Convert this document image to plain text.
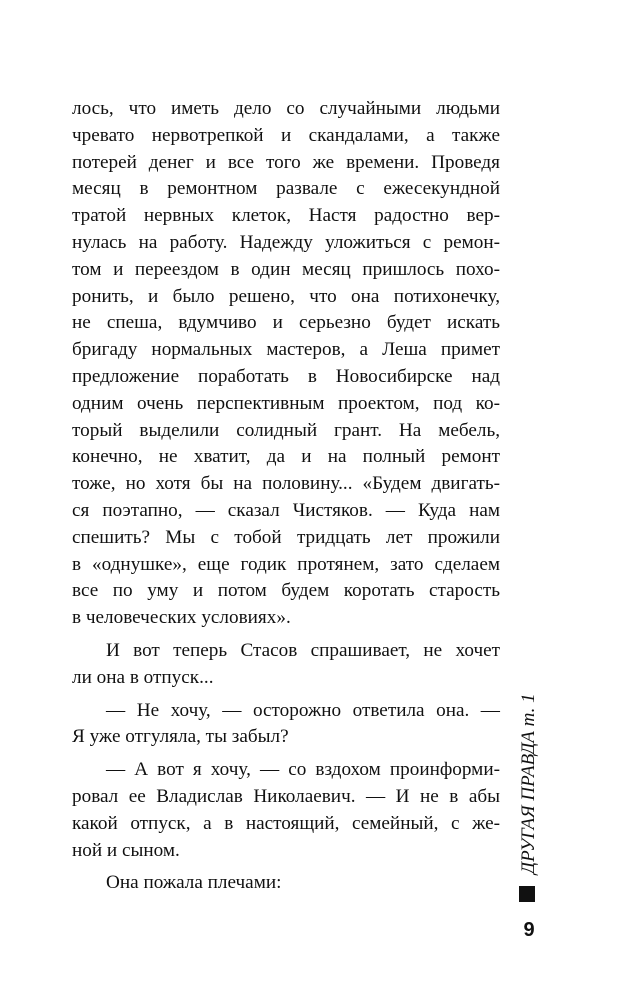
лось, что иметь дело со случайными людьми
чревато нервотрепкой и скандалами, а также
потерей денег и все того же времени. Проведя
месяц в ремонтном развале с ежесекундной
тратой нервных клеток, Настя радостно вер-
нулась на работу. Надежду уложиться с ремон-
том и переездом в один месяц пришлось похо-
ронить, и было решено, что она потихонечку,
не спеша, вдумчиво и серьезно будет искать
бригаду нормальных мастеров, а Леша примет
предложение поработать в Новосибирске над
одним очень перспективным проектом, под ко-
торый выделили солидный грант. На мебель,
конечно, не хватит, да и на полный ремонт
тоже, но хотя бы на половину... «Будем двигать-
ся поэтапно, — сказал Чистяков. — Куда нам
спешить? Мы с тобой тридцать лет прожили
в «однушке», еще годик протянем, зато сделаем
все по уму и потом будем коротать старость
в человеческих условиях».
И вот теперь Стасов спрашивает, не хочет
ли она в отпуск...
— Не хочу, — осторожно ответила она. —
Я уже отгуляла, ты забыл?
— А вот я хочу, — со вздохом проинформи-
ровал ее Владислав Николаевич. — И не в абы
какой отпуск, а в настоящий, семейный, с же-
ной и сыном.
Она пожала плечами:
ДРУГАЯ ПРАВДА т. 1
9
